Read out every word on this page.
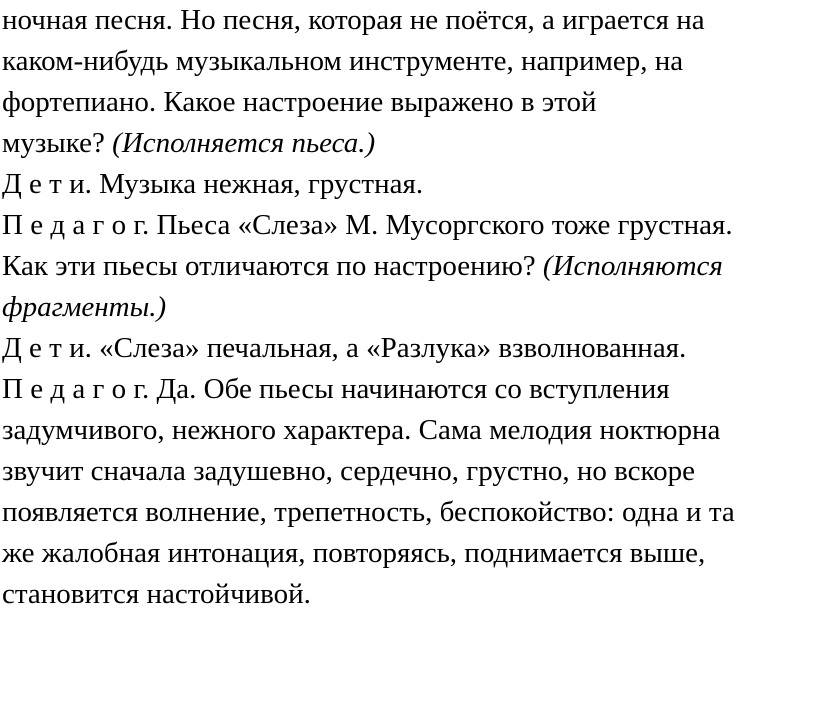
ночная песня. Но песня, которая не поётся, а играется на
каком-нибудь музыкальном инструменте, например, на
фортепиано. Какое настроение выражено в этой
музыке? (Исполняется пьеса.)

Д е т и. Музыка нежная, грустная.

П е д а г о г. Пьеса «Слеза» М. Мусоргского тоже грустная.
Как эти пьесы отличаются по настроению? (Исполняются
фрагменты.)

Д е т и. «Слеза» печальная, а «Разлука» взволнованная.

П е д а г о г. Да. Обе пьесы начинаются со вступления
задумчивого, нежного характера. Сама мелодия ноктюрна
звучит сначала задушевно, сердечно, грустно, но вскоре
появляется волнение, трепетность, беспокойство: одна и та
же жалобная интонация, повторяясь, поднимается выше,
становится настойчивой.
